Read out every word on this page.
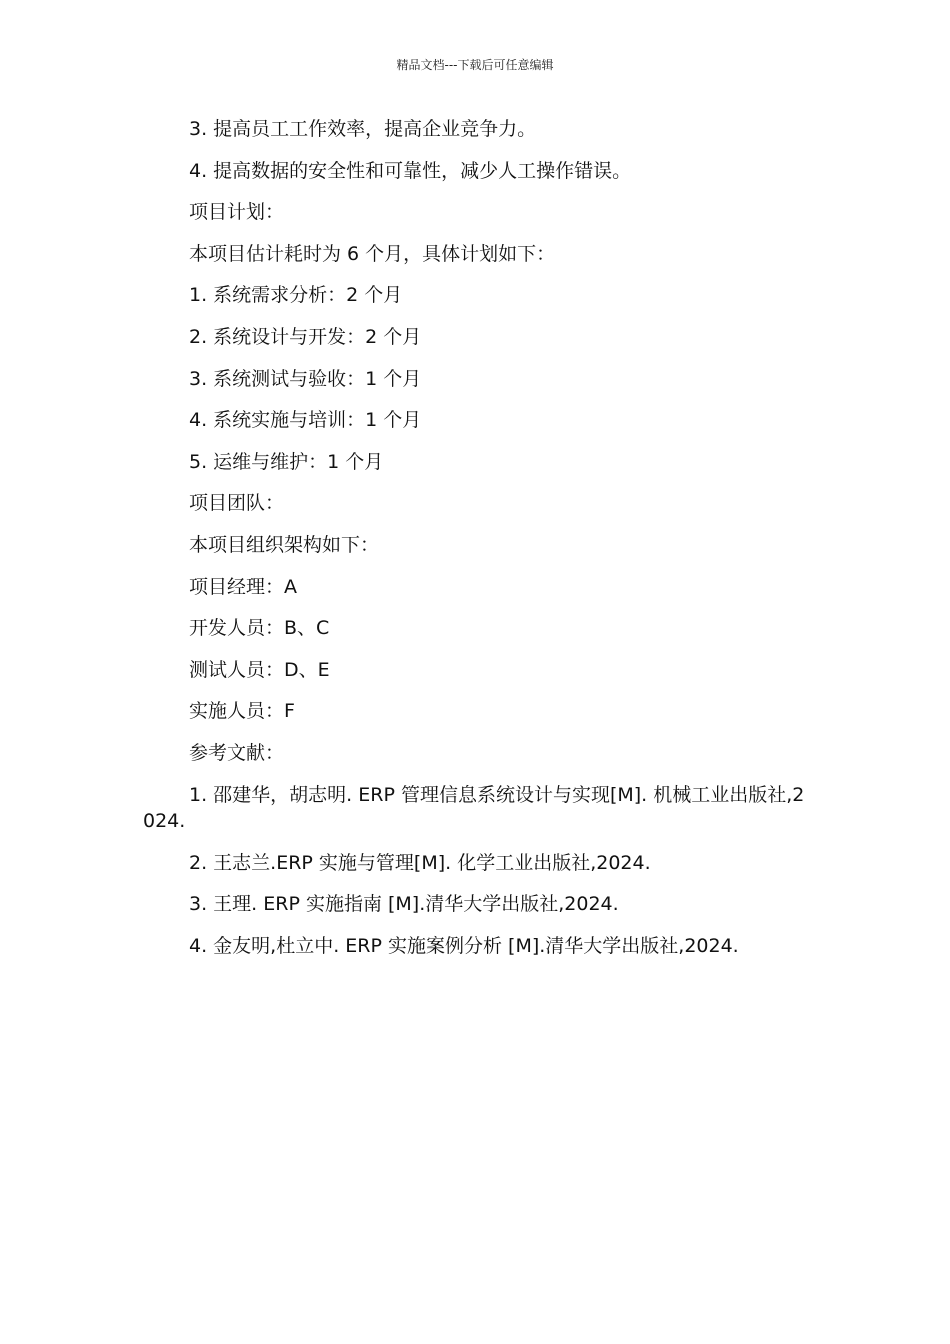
精品文档---下载后可任意编辑
3. 提高员工工作效率，提高企业竞争力。
4. 提高数据的安全性和可靠性，减少人工操作错误。
项目计划：
本项目估计耗时为 6 个月，具体计划如下：
1. 系统需求分析：2 个月
2. 系统设计与开发：2 个月
3. 系统测试与验收：1 个月
4. 系统实施与培训：1 个月
5. 运维与维护：1 个月
项目团队：
本项目组织架构如下：
项目经理：A
开发人员：B、C
测试人员：D、E
实施人员：F
参考文献：
1. 邵建华，胡志明. ERP 管理信息系统设计与实现[M]. 机械工业出版社,2024.
2. 王志兰.ERP 实施与管理[M]. 化学工业出版社,2024.
3. 王理. ERP 实施指南 [M].清华大学出版社,2024.
4. 金友明,杜立中. ERP 实施案例分析 [M].清华大学出版社,2024.
